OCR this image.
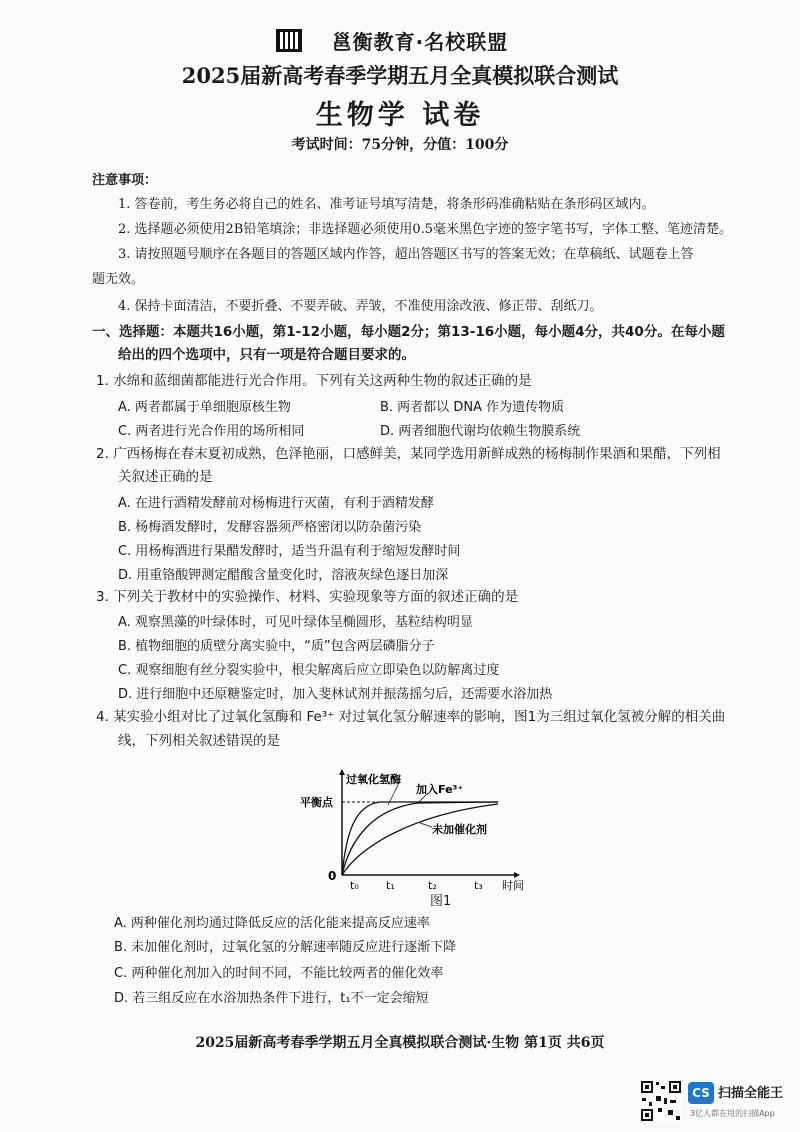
邕衡教育·名校联盟
2025届新高考春季学期五月全真模拟联合测试
生物学 试卷
考试时间：75分钟，分值：100分
注意事项：
1. 答卷前，考生务必将自己的姓名、准考证号填写清楚，将条形码准确粘贴在条形码区域内。
2. 选择题必须使用2B铅笔填涂；非选择题必须使用0.5毫米黑色字迹的签字笔书写，字体工整、笔迹清楚。
3. 请按照题号顺序在各题目的答题区域内作答，超出答题区书写的答案无效；在草稿纸、试题卷上答
题无效。
4. 保持卡面清洁，不要折叠、不要弄破、弄皱，不准使用涂改液、修正带、刮纸刀。
一、选择题：本题共16小题，第1-12小题，每小题2分；第13-16小题，每小题4分，共40分。在每小题
给出的四个选项中，只有一项是符合题目要求的。
1. 水绵和蓝细菌都能进行光合作用。下列有关这两种生物的叙述正确的是
A. 两者都属于单细胞原核生物	B. 两者都以 DNA 作为遗传物质
C. 两者进行光合作用的场所相同	D. 两者细胞代谢均依赖生物膜系统
2. 广西杨梅在春末夏初成熟，色泽艳丽，口感鲜美，某同学选用新鲜成熟的杨梅制作果酒和果醋，下列相
关叙述正确的是
A. 在进行酒精发酵前对杨梅进行灭菌，有利于酒精发酵
B. 杨梅酒发酵时，发酵容器须严格密闭以防杂菌污染
C. 用杨梅酒进行果醋发酵时，适当升温有利于缩短发酵时间
D. 用重铬酸钾测定醋酸含量变化时，溶液灰绿色逐日加深
3. 下列关于教材中的实验操作、材料、实验现象等方面的叙述正确的是
A. 观察黑藻的叶绿体时，可见叶绿体呈椭圆形，基粒结构明显
B. 植物细胞的质壁分离实验中，“质”包含两层磷脂分子
C. 观察细胞有丝分裂实验中，根尖解离后应立即染色以防解离过度
D. 进行细胞中还原糖鉴定时，加入斐林试剂并振荡摇匀后，还需要水浴加热
4. 某实验小组对比了过氧化氢酶和 Fe³⁺ 对过氧化氢分解速率的影响，图1为三组过氧化氢被分解的相关曲
线，下列相关叙述错误的是
过氧化氢酶
加入Fe³⁺
未加催化剂
平衡点
0
t₀ t₁	t₂	t₃ 时间
图1
A. 两种催化剂均通过降低反应的活化能来提高反应速率
B. 未加催化剂时，过氧化氢的分解速率随反应进行逐渐下降
C. 两种催化剂加入的时间不同，不能比较两者的催化效率
D. 若三组反应在水浴加热条件下进行，t₁不一定会缩短
2025届新高考春季学期五月全真模拟联合测试·生物 第1页 共6页
CS 扫描全能王
3亿人都在用的扫描App
